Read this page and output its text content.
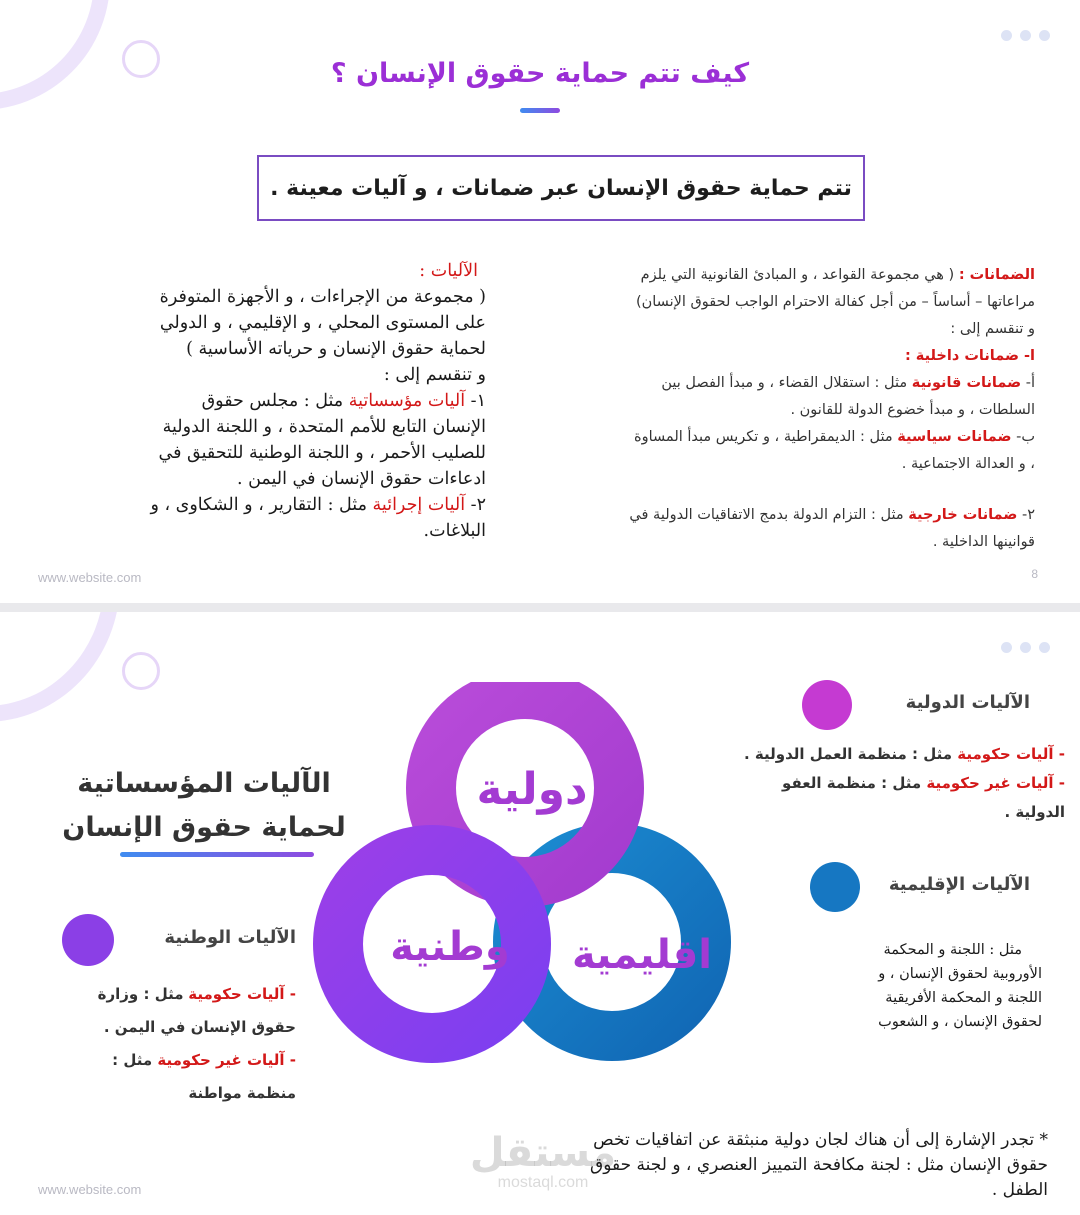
كيف تتم حماية حقوق الإنسان ؟
تتم حماية حقوق الإنسان عبر ضمانات ، و آليات معينة .

الضمانات : ( هي مجموعة القواعد ، و المبادئ القانونية التي يلزم

مراعاتها – أساساً – من أجل كفالة الاحترام الواجب لحقوق الإنسان)

و تنقسم إلى :

ا- ضمانات داخلية :

أ- ضمانات قانونية مثل : استقلال القضاء ، و مبدأ الفصل بين

السلطات ، و مبدأ خضوع الدولة للقانون .

ب- ضمانات سياسية مثل : الديمقراطية ، و تكريس مبدأ المساوة

، و العدالة الاجتماعية .

٢- ضمانات خارجية مثل : التزام الدولة بدمج الاتفاقيات الدولية في

قوانينها الداخلية .

الآليات :

( مجموعة من الإجراءات ، و الأجهزة المتوفرة

على المستوى المحلي ، و الإقليمي ، و الدولي

لحماية حقوق الإنسان و حرياته الأساسية )

و تنقسم إلى :

١- آليات مؤسساتية مثل : مجلس حقوق

الإنسان التابع للأمم المتحدة ، و اللجنة الدولية

للصليب الأحمر ، و اللجنة الوطنية للتحقيق في

ادعاءات حقوق الإنسان في اليمن .

٢- آليات إجرائية مثل : التقارير ، و الشكاوى ، و

البلاغات.

www.website.com	8
دولية
اقليمية
وطنية
الآليات المؤسساتية
لحماية حقوق الإنسان
الآليات الدولية

- آليات حكومية مثل : منظمة العمل الدولية .

- آليات غير حكومية مثل : منظمة العفو

الدولية .

الآليات الإقليمية

مثل : اللجنة و المحكمة

الأوروبية لحقوق الإنسان ، و

اللجنة و المحكمة الأفريقية

لحقوق الإنسان ، و الشعوب

الآليات الوطنية

- آليات حكومية مثل : وزارة

حقوق الإنسان في اليمن .

- آليات غير حكومية مثل :

منظمة مواطنة

مستقل
mostaql.com

* تجدر الإشارة إلى أن هناك لجان دولية منبثقة عن اتفاقيات تخص

حقوق الإنسان مثل : لجنة مكافحة التمييز العنصري ، و لجنة حقوق

الطفل .

www.website.com
